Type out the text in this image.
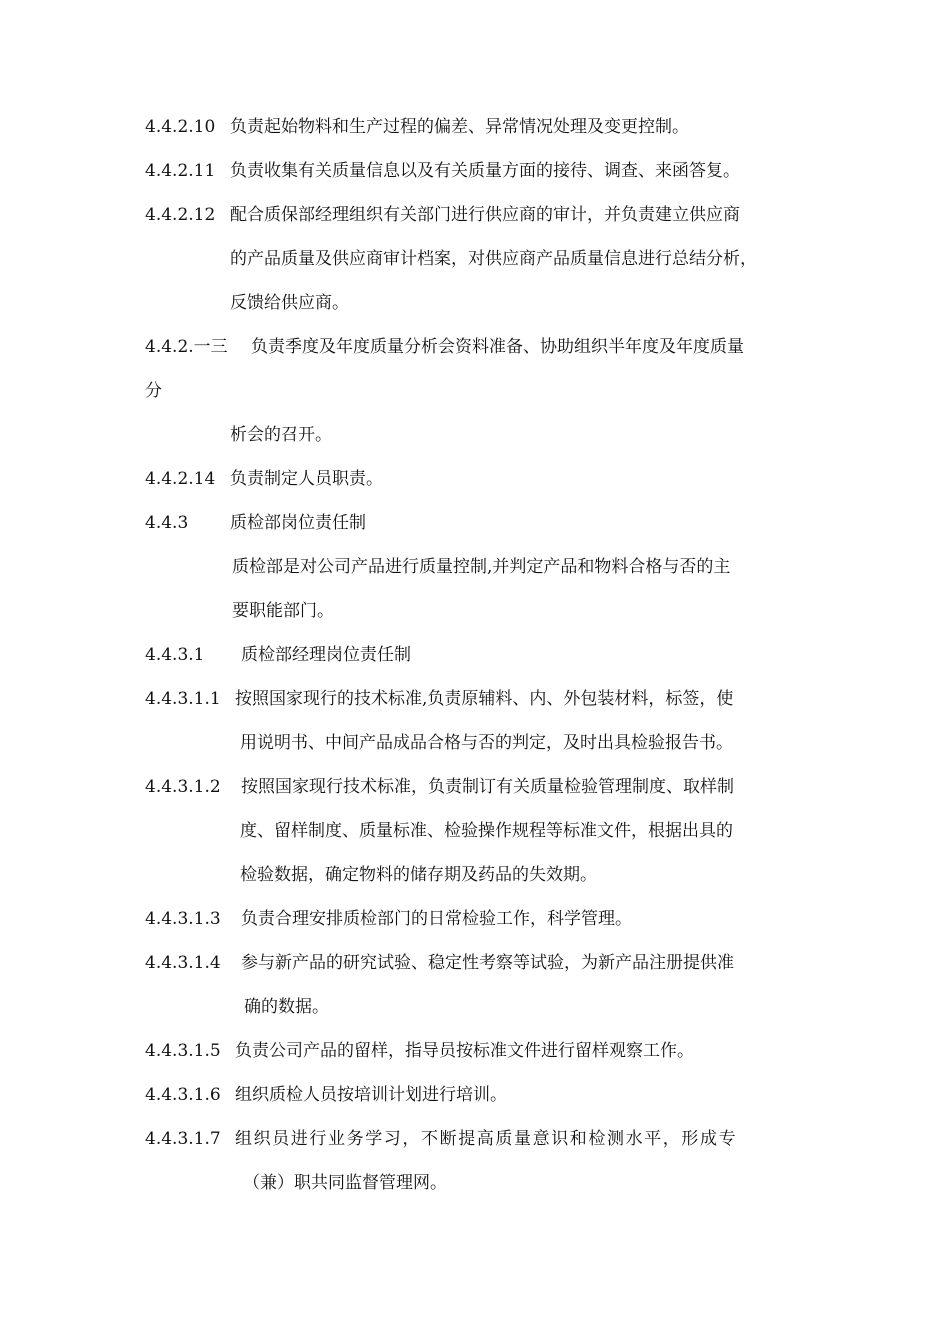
4.4.2.10 负责起始物料和生产过程的偏差、异常情况处理及变更控制。
4.4.2.11 负责收集有关质量信息以及有关质量方面的接待、调查、来函答复。
4.4.2.12 配合质保部经理组织有关部门进行供应商的审计，并负责建立供应商
的产品质量及供应商审计档案，对供应商产品质量信息进行总结分析，
反馈给供应商。
4.4.2.一三 负责季度及年度质量分析会资料准备、协助组织半年度及年度质量
分
析会的召开。
4.4.2.14 负责制定人员职责。
4.4.3 质检部岗位责任制
质检部是对公司产品进行质量控制,并判定产品和物料合格与否的主
要职能部门。
4.4.3.1 质检部经理岗位责任制
4.4.3.1.1 按照国家现行的技术标准,负责原辅料、内、外包装材料，标签，使
用说明书、中间产品成品合格与否的判定，及时出具检验报告书。
4.4.3.1.2 按照国家现行技术标准，负责制订有关质量检验管理制度、取样制
度、留样制度、质量标准、检验操作规程等标准文件，根据出具的
检验数据，确定物料的储存期及药品的失效期。
4.4.3.1.3 负责合理安排质检部门的日常检验工作，科学管理。
4.4.3.1.4 参与新产品的研究试验、稳定性考察等试验，为新产品注册提供准
确的数据。
4.4.3.1.5 负责公司产品的留样，指导员按标准文件进行留样观察工作。
4.4.3.1.6 组织质检人员按培训计划进行培训。
4.4.3.1.7 组织员进行业务学习，不断提高质量意识和检测水平，形成专
（兼）职共同监督管理网。
